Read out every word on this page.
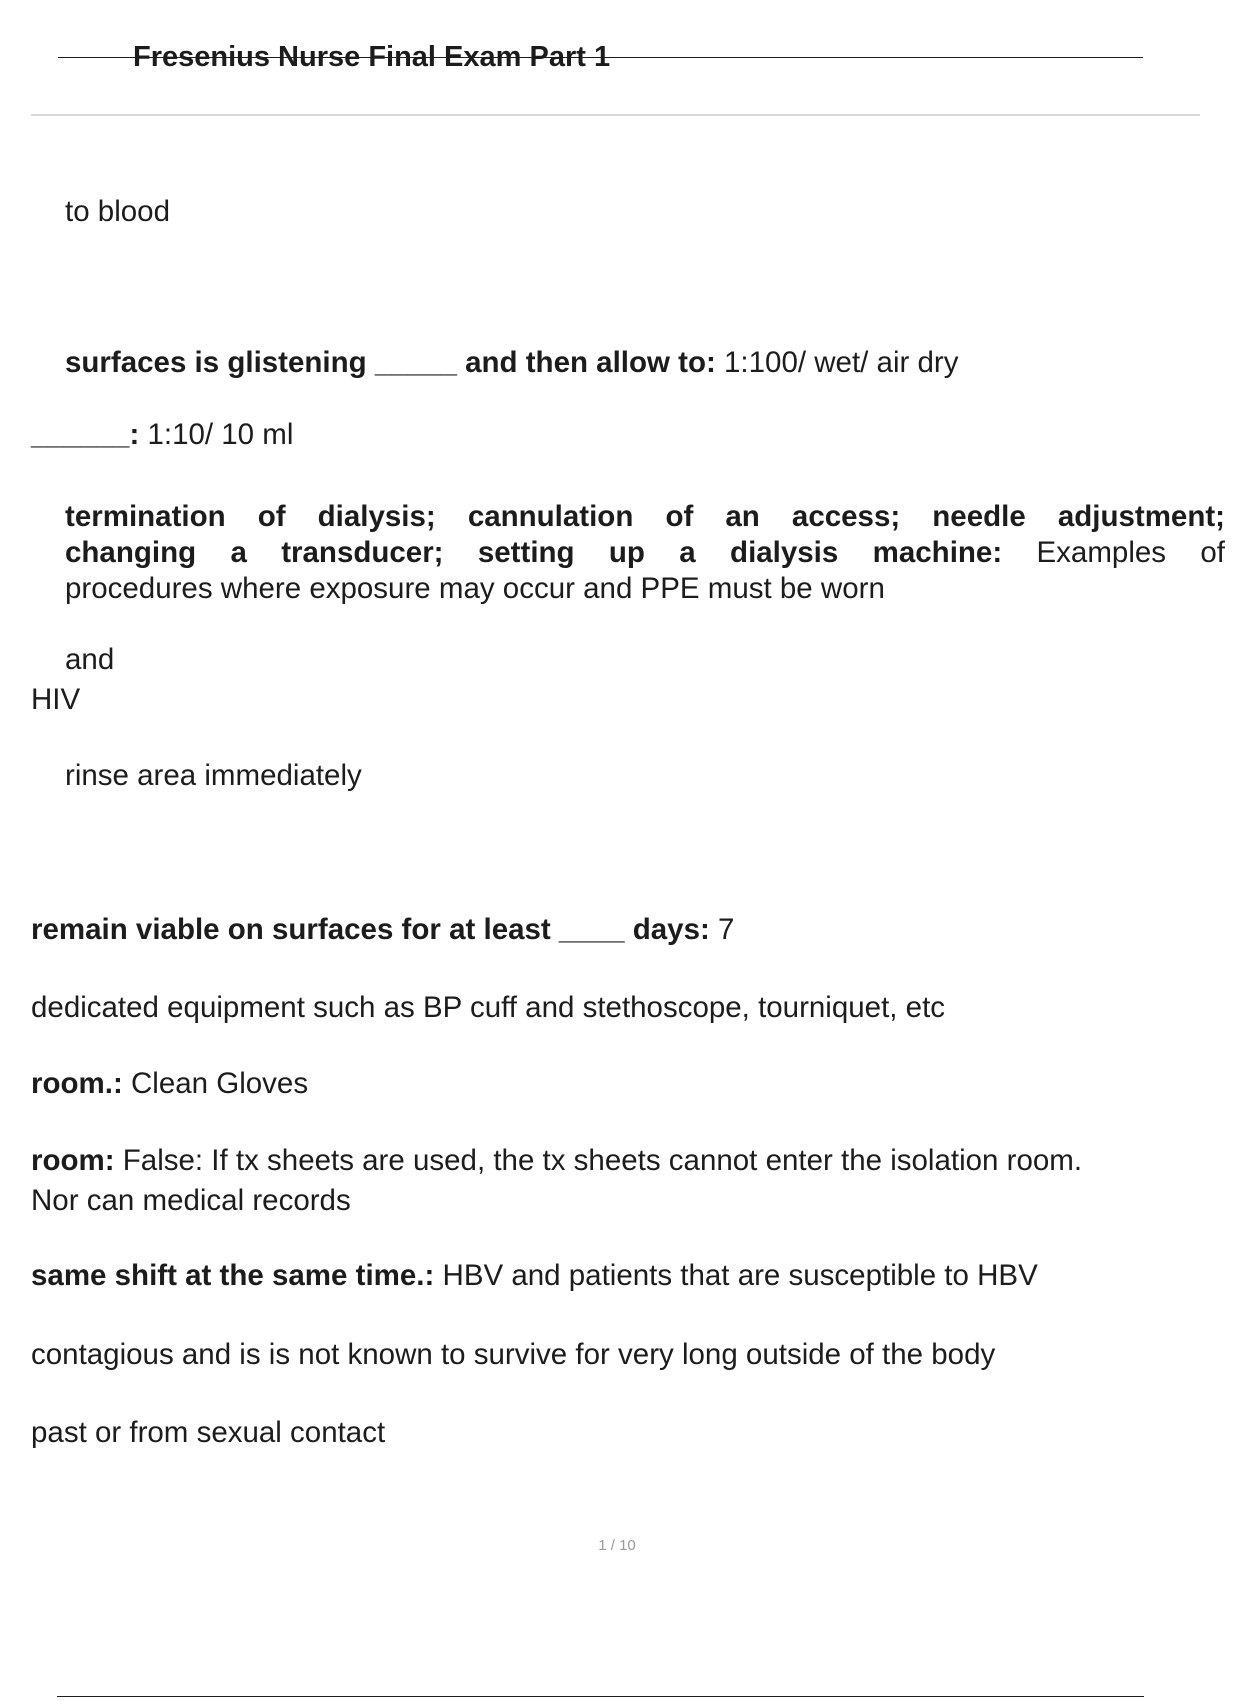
Fresenius Nurse Final Exam Part 1
to blood
surfaces is glistening _____ and then allow to: 1:100/ wet/ air dry
______: 1:10/ 10 ml
termination of dialysis; cannulation of an access; needle adjustment;
changing a transducer; setting up a dialysis machine: Examples of
procedures where exposure may occur and PPE must be worn
and
HIV
rinse area immediately
remain viable on surfaces for at least ____ days: 7
dedicated equipment such as BP cuff and stethoscope, tourniquet, etc
room.: Clean Gloves
room: False: If tx sheets are used, the tx sheets cannot enter the isolation room.
Nor can medical records
same shift at the same time.: HBV and patients that are susceptible to HBV
contagious and is is not known to survive for very long outside of the body
past or from sexual contact
1 / 10
